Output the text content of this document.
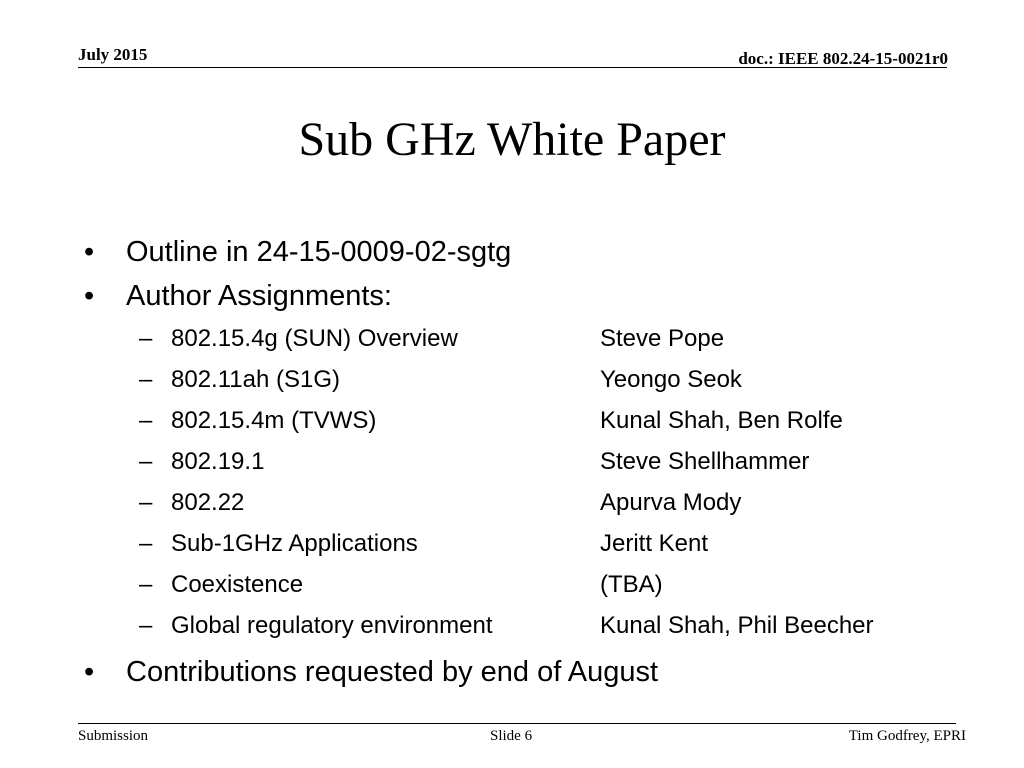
July 2015	doc.: IEEE 802.24-15-0021r0
Sub GHz White Paper
• Outline in 24-15-0009-02-sgtg
• Author Assignments:
– 802.15.4g (SUN) Overview	Steve Pope
– 802.11ah (S1G)	Yeongo Seok
– 802.15.4m (TVWS)	Kunal Shah, Ben Rolfe
– 802.19.1	Steve Shellhammer
– 802.22	Apurva Mody
– Sub-1GHz Applications	Jeritt Kent
– Coexistence	(TBA)
– Global regulatory environment	Kunal Shah, Phil Beecher
• Contributions requested by end of August
Submission	Slide 6	Tim Godfrey, EPRI
